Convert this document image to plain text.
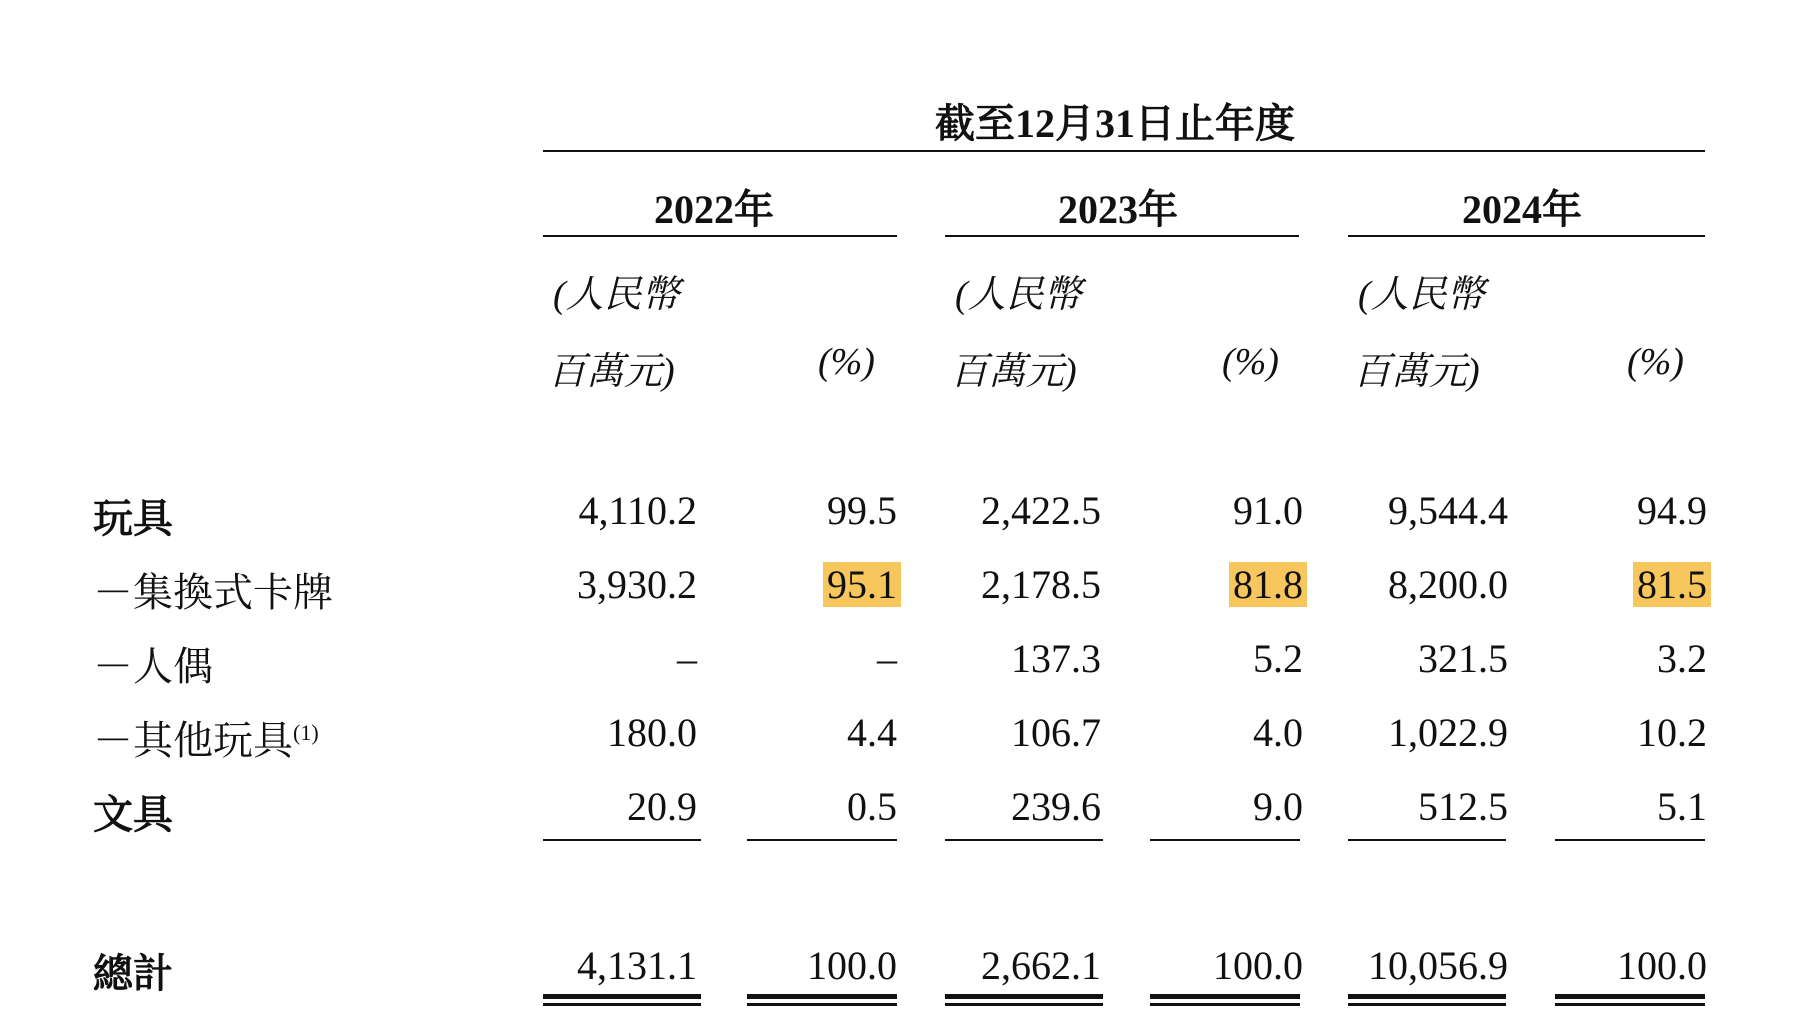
截至12月31日止年度
2022年	2023年	2024年
(人民幣
百萬元)	(%)
(人民幣
百萬元)	(%)
(人民幣
百萬元)	(%)
玩具	4,110.2	99.5	2,422.5	91.0	9,544.4	94.9
－集換式卡牌	3,930.2	95.1	2,178.5	81.8	8,200.0	81.5
－人偶	–	–	137.3	5.2	321.5	3.2
－其他玩具$^{(1)}$	180.0	4.4	106.7	4.0	1,022.9	10.2
文具	20.9	0.5	239.6	9.0	512.5	5.1
總計	4,131.1	100.0	2,662.1	100.0	10,056.9	100.0
